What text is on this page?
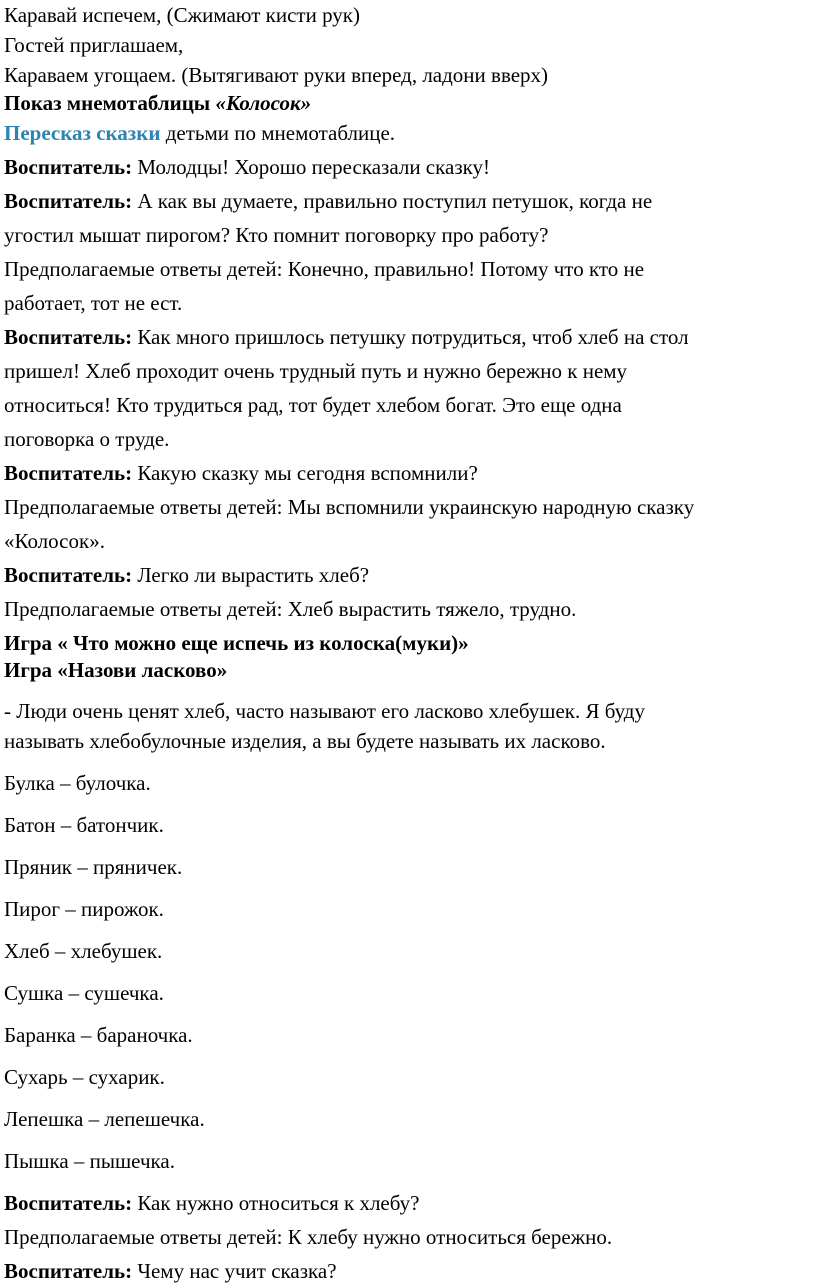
Каравай испечем, (Сжимают кисти рук)

Гостей приглашаем,

Караваем угощаем. (Вытягивают руки вперед, ладони вверх)

Показ мнемотаблицы «Колосок»

Пересказ сказки детьми по мнемотаблице.

Воспитатель: Молодцы! Хорошо пересказали сказку!

Воспитатель: А как вы думаете, правильно поступил петушок, когда не

угостил мышат пирогом? Кто помнит поговорку про работу?

Предполагаемые ответы детей: Конечно, правильно! Потому что кто не

работает, тот не ест.

Воспитатель: Как много пришлось петушку потрудиться, чтоб хлеб на стол

пришел! Хлеб проходит очень трудный путь и нужно бережно к нему

относиться! Кто трудиться рад, тот будет хлебом богат. Это еще одна

поговорка о труде.

Воспитатель: Какую сказку мы сегодня вспомнили?

Предполагаемые ответы детей: Мы вспомнили украинскую народную сказку

«Колосок».

Воспитатель: Легко ли вырастить хлеб?

Предполагаемые ответы детей: Хлеб вырастить тяжело, трудно.

Игра « Что можно еще испечь из колоска(муки)»

Игра «Назови ласково»

- Люди очень ценят хлеб, часто называют его ласково хлебушек. Я буду

называть хлебобулочные изделия, а вы будете называть их ласково.

Булка – булочка.

Батон – батончик.

Пряник – пряничек.

Пирог – пирожок.

Хлеб – хлебушек.

Сушка – сушечка.

Баранка – бараночка.

Сухарь – сухарик.

Лепешка – лепешечка.

Пышка – пышечка.

Воспитатель: Как нужно относиться к хлебу?

Предполагаемые ответы детей: К хлебу нужно относиться бережно.

Воспитатель: Чему нас учит сказка?
